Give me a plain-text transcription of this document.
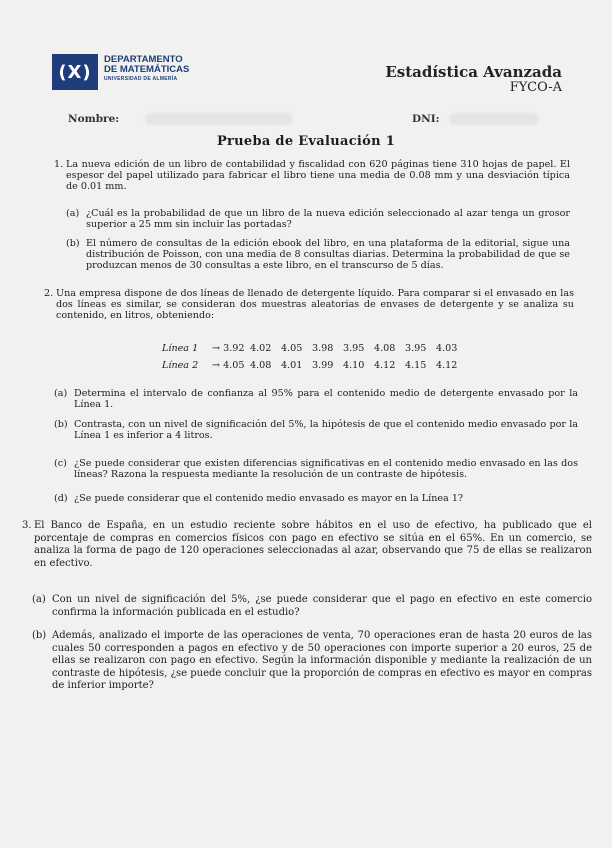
(X)
DEPARTAMENTO
DE MATEMÁTICAS
UNIVERSIDAD DE ALMERÍA	Estadística Avanzada
FYCO-A
Nombre:	DNI:
Prueba de Evaluación 1
1. La nueva edición de un libro de contabilidad y fiscalidad con 620 páginas tiene 310 hojas de papel. El espesor del papel utilizado para fabricar el libro tiene una media de 0.08 mm y una desviación típica de 0.01 mm.
(a) ¿Cuál es la probabilidad de que un libro de la nueva edición seleccionado al azar tenga un grosor superior a 25 mm sin incluir las portadas?
(b) El número de consultas de la edición ebook del libro, en una plataforma de la editorial, sigue una distribución de Poisson, con una media de 8 consultas diarias. Determina la probabilidad de que se produzcan menos de 30 consultas a este libro, en el transcurso de 5 días.
2. Una empresa dispone de dos líneas de llenado de detergente líquido. Para comparar si el envasado en las dos líneas es similar, se consideran dos muestras aleatorias de envases de detergente y se analiza su contenido, en litros, obteniendo:
Línea 1	→ 3.92 4.02	4.05	3.98	3.95	4.08	3.95	4.03
Línea 2	→ 4.05 4.08	4.01	3.99	4.10	4.12	4.15	4.12
(a) Determina el intervalo de confianza al 95% para el contenido medio de detergente envasado por la Línea 1.
(b) Contrasta, con un nivel de significación del 5%, la hipótesis de que el contenido medio envasado por la Línea 1 es inferior a 4 litros.
(c) ¿Se puede considerar que existen diferencias significativas en el contenido medio envasado en las dos líneas? Razona la respuesta mediante la resolución de un contraste de hipótesis.
(d) ¿Se puede considerar que el contenido medio envasado es mayor en la Línea 1?
3. El Banco de España, en un estudio reciente sobre hábitos en el uso de efectivo, ha publicado que el porcentaje de compras en comercios físicos con pago en efectivo se sitúa en el 65%. En un comercio, se analiza la forma de pago de 120 operaciones seleccionadas al azar, observando que 75 de ellas se realizaron en efectivo.
(a) Con un nivel de significación del 5%, ¿se puede considerar que el pago en efectivo en este comercio confirma la información publicada en el estudio?
(b) Además, analizado el importe de las operaciones de venta, 70 operaciones eran de hasta 20 euros de las cuales 50 corresponden a pagos en efectivo y de 50 operaciones con importe superior a 20 euros, 25 de ellas se realizaron con pago en efectivo. Según la información disponible y mediante la realización de un contraste de hipótesis, ¿se puede concluir que la proporción de compras en efectivo es mayor en compras de inferior importe?
